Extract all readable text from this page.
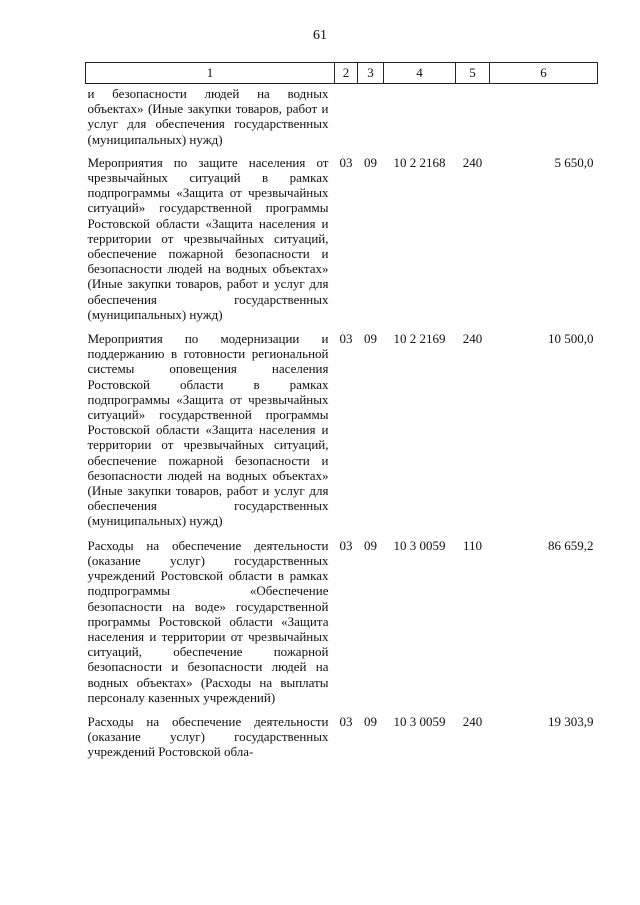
61
1	2	3	4	5	6
и безопасности людей на водных объектах» (Иные закупки товаров, работ и услуг для обеспечения государственных (муниципальных) нужд)					
Мероприятия по защите населения от чрезвычайных ситуаций в рамках подпрограммы «Защита от чрезвычайных ситуаций» государственной программы Ростовской области «Защита населения и территории от чрезвычайных ситуаций, обеспечение пожарной безопасности и безопасности людей на водных объектах» (Иные закупки товаров, работ и услуг для обеспечения государственных (муниципальных) нужд)	03	09	10 2 2168	240	5 650,0
Мероприятия по модернизации и поддержанию в готовности региональной системы оповещения населения Ростовской области в рамках подпрограммы «Защита от чрезвычайных ситуаций» государственной программы Ростовской области «Защита населения и территории от чрезвычайных ситуаций, обеспечение пожарной безопасности и безопасности людей на водных объектах» (Иные закупки товаров, работ и услуг для обеспечения государственных (муниципальных) нужд)	03	09	10 2 2169	240	10 500,0
Расходы на обеспечение деятельности (оказание услуг) государственных учреждений Ростовской области в рамках подпрограммы «Обеспечение безопасности на воде» государственной программы Ростовской области «Защита населения и территории от чрезвычайных ситуаций, обеспечение пожарной безопасности и безопасности людей на водных объектах» (Расходы на выплаты персоналу казенных учреждений)	03	09	10 3 0059	110	86 659,2
Расходы на обеспечение деятельности (оказание услуг) государственных учреждений Ростовской обла-	03	09	10 3 0059	240	19 303,9
